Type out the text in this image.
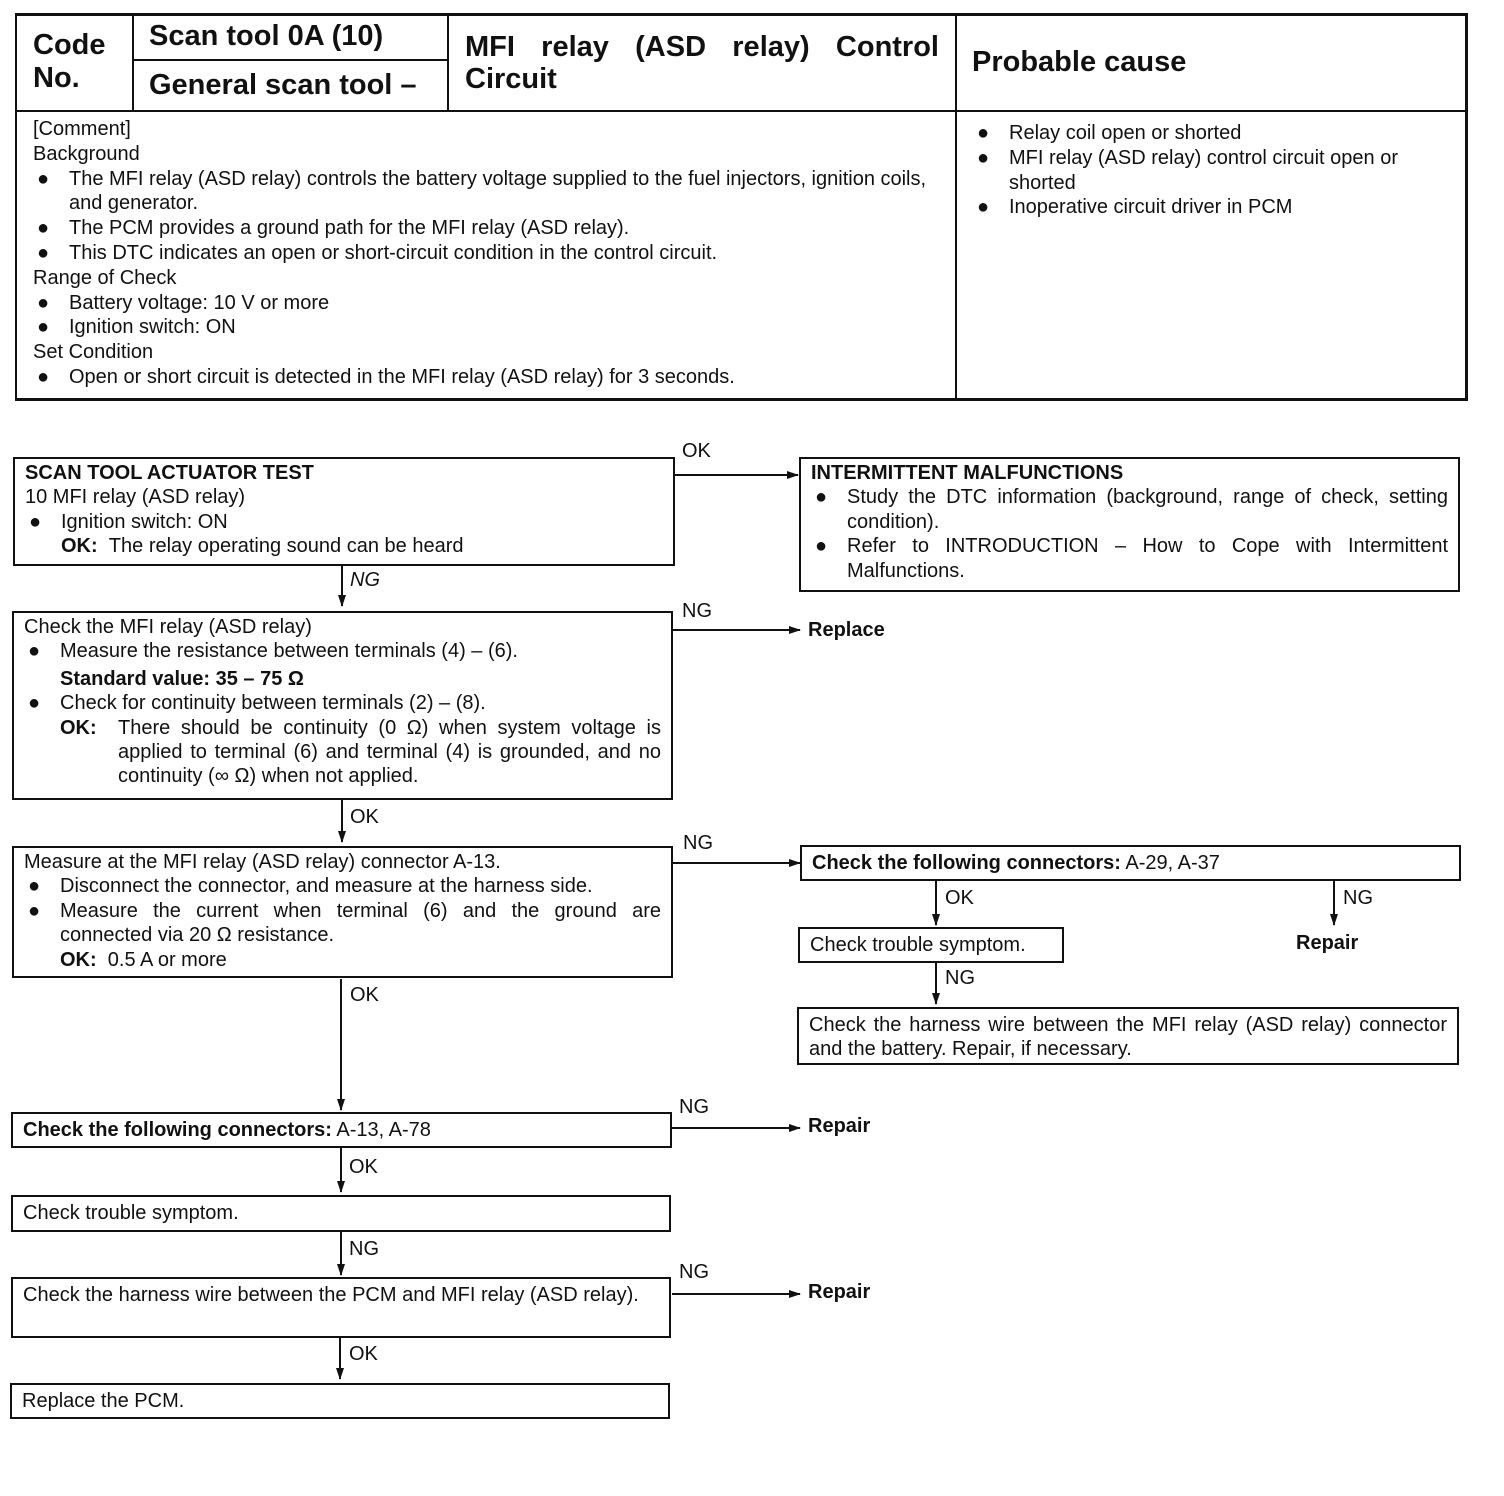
Code No.
Scan tool 0A (10)
General scan tool –
MFI relay (ASD relay) Control Circuit
Probable cause
[Comment]
Background
● The MFI relay (ASD relay) controls the battery voltage supplied to the fuel injectors, ignition coils, and generator.
● The PCM provides a ground path for the MFI relay (ASD relay).
● This DTC indicates an open or short-circuit condition in the control circuit.
Range of Check
● Battery voltage: 10 V or more
● Ignition switch: ON
Set Condition
● Open or short circuit is detected in the MFI relay (ASD relay) for 3 seconds.
● Relay coil open or shorted
● MFI relay (ASD relay) control circuit open or shorted
● Inoperative circuit driver in PCM
SCAN TOOL ACTUATOR TEST
10 MFI relay (ASD relay)
● Ignition switch: ON
OK: The relay operating sound can be heard
INTERMITTENT MALFUNCTIONS
● Study the DTC information (background, range of check, setting condition).
● Refer to INTRODUCTION – How to Cope with Intermittent Malfunctions.
Check the MFI relay (ASD relay)
● Measure the resistance between terminals (4) – (6).
Standard value: 35 – 75 Ω
● Check for continuity between terminals (2) – (8).
OK:	There should be continuity (0 Ω) when system voltage is applied to terminal (6) and terminal (4) is grounded, and no continuity (∞ Ω) when not applied.
Measure at the MFI relay (ASD relay) connector A-13.
● Disconnect the connector, and measure at the harness side.
● Measure the current when terminal (6) and the ground are connected via 20 Ω resistance.
OK: 0.5 A or more
Check the following connectors: A-29, A-37
Check trouble symptom.
Check the harness wire between the MFI relay (ASD relay) connector and the battery. Repair, if necessary.
Check the following connectors: A-13, A-78
Check trouble symptom.
Check the harness wire between the PCM and MFI relay (ASD relay).
Replace the PCM.
Replace
Repair
Repair
Repair
OK
NG
NG
OK
NG
OK	NG
NG
OK
NG
OK
NG
NG
OK
